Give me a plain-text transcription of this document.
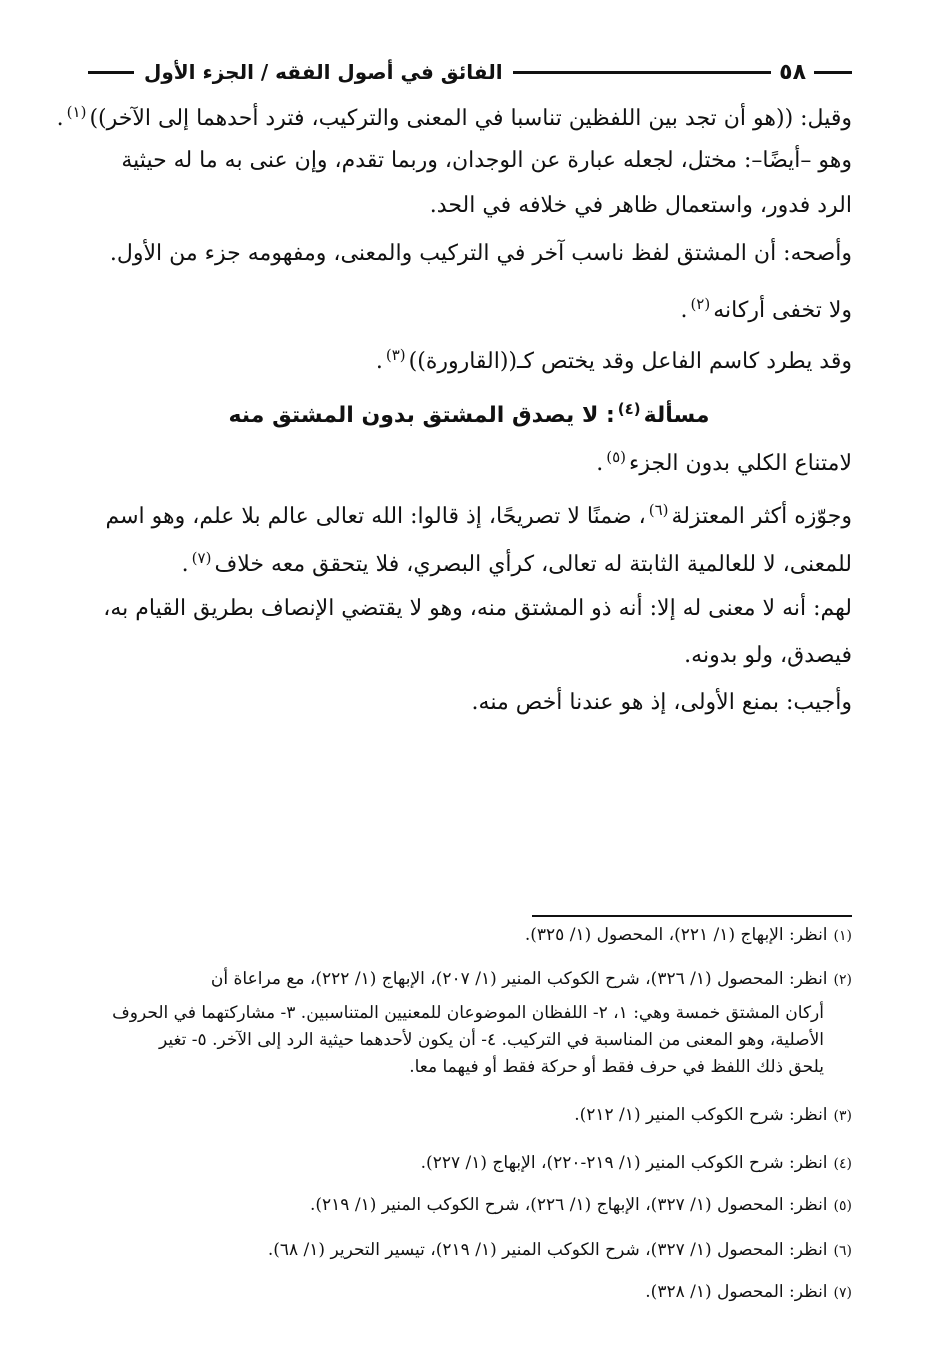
٥٨
الفائق في أصول الفقه / الجزء الأول
وقيل: ((هو أن تجد بين اللفظين تناسبا في المعنى والتركيب، فترد أحدهما إلى الآخر))$^{(١)}$.
وهو –أيضًا–: مختل، لجعله عبارة عن الوجدان، وربما تقدم، وإن عنى به ما له حيثية
الرد فدور، واستعمال ظاهر في خلافه في الحد.
وأصحه: أن المشتق لفظ ناسب آخر في التركيب والمعنى، ومفهومه جزء من الأول.
ولا تخفى أركانه$^{(٢)}$.
وقد يطرد كاسم الفاعل وقد يختص كـ((القارورة))$^{(٣)}$.
مسألة$^{(٤)}$: لا يصدق المشتق بدون المشتق منه
لامتناع الكلي بدون الجزء$^{(٥)}$.
وجوّزه أكثر المعتزلة$^{(٦)}$، ضمنًا لا تصريحًا، إذ قالوا: الله تعالى عالم بلا علم، وهو اسم
للمعنى، لا للعالمية الثابتة له تعالى، كرأي البصري، فلا يتحقق معه خلاف$^{(٧)}$.
لهم: أنه لا معنى له إلا: أنه ذو المشتق منه، وهو لا يقتضي الإنصاف بطريق القيام به،
فيصدق، ولو بدونه.
وأجيب: بمنع الأولى، إذ هو عندنا أخص منه.
(١)انظر: الإبهاج (١/ ٢٢١)، المحصول (١/ ٣٢٥).
(٢)انظر: المحصول (١/ ٣٢٦)، شرح الكوكب المنير (١/ ٢٠٧)، الإبهاج (١/ ٢٢٢)، مع مراعاة أن
أركان المشتق خمسة وهي: ١، ٢- اللفظان الموضوعان للمعنيين المتناسبين. ٣- مشاركتهما في الحروف
الأصلية، وهو المعنى من المناسبة في التركيب. ٤- أن يكون لأحدهما حيثية الرد إلى الآخر. ٥- تغير
يلحق ذلك اللفظ في حرف فقط أو حركة فقط أو فيهما معا.
(٣)انظر: شرح الكوكب المنير (١/ ٢١٢).
(٤)انظر: شرح الكوكب المنير (١/ ٢١٩-٢٢٠)، الإبهاج (١/ ٢٢٧).
(٥)انظر: المحصول (١/ ٣٢٧)، الإبهاج (١/ ٢٢٦)، شرح الكوكب المنير (١/ ٢١٩).
(٦)انظر: المحصول (١/ ٣٢٧)، شرح الكوكب المنير (١/ ٢١٩)، تيسير التحرير (١/ ٦٨).
(٧)انظر: المحصول (١/ ٣٢٨).
